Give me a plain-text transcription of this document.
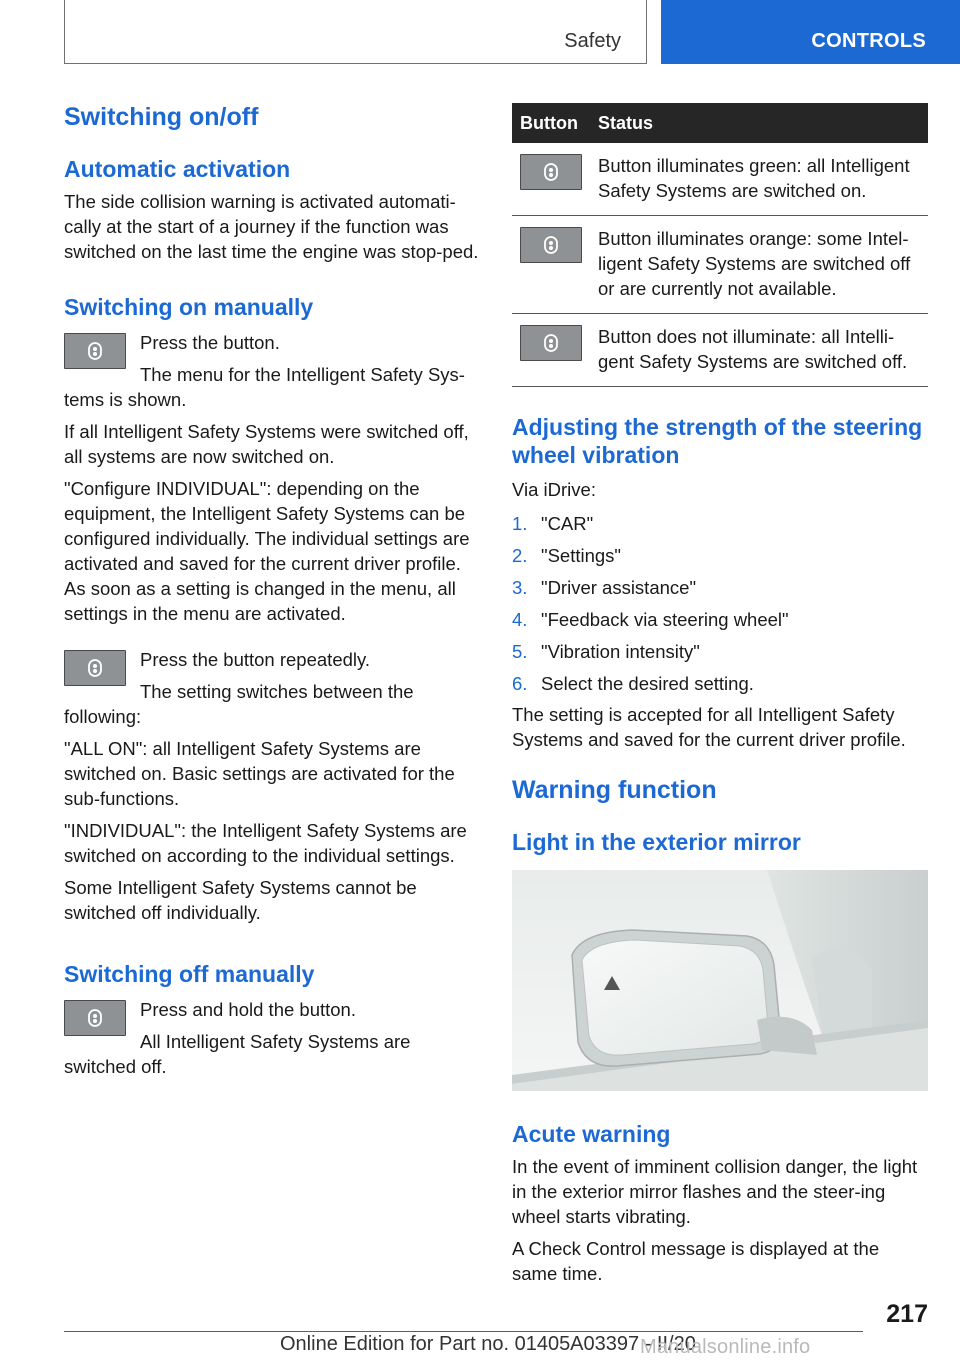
Safety	CONTROLS
Switching on/off
Automatic activation

The side collision warning is activated automati-cally at the start of a journey if the function was switched on the last time the engine was stop-ped.

Switching on manually

Press the button.

The menu for the Intelligent Safety Sys-tems is shown.

If all Intelligent Safety Systems were switched off, all systems are now switched on.

"Configure INDIVIDUAL": depending on the equipment, the Intelligent Safety Systems can be configured individually. The individual settings are activated and saved for the current driver profile. As soon as a setting is changed in the menu, all settings in the menu are activated.

Press the button repeatedly.

The setting switches between the following:

"ALL ON": all Intelligent Safety Systems are switched on. Basic settings are activated for the sub-functions.

"INDIVIDUAL": the Intelligent Safety Systems are switched on according to the individual settings.

Some Intelligent Safety Systems cannot be switched off individually.

Switching off manually

Press and hold the button.

All Intelligent Safety Systems are switched off.

Button	Status

	Button illuminates green: all Intelligent Safety Systems are switched on.

	Button illuminates orange: some Intel-ligent Safety Systems are switched off or are currently not available.

	Button does not illuminate: all Intelli-gent Safety Systems are switched off.
Adjusting the strength of the steering wheel vibration

Via iDrive:

1. "CAR"
2. "Settings"
3. "Driver assistance"
4. "Feedback via steering wheel"
5. "Vibration intensity"
6. Select the desired setting.

The setting is accepted for all Intelligent Safety Systems and saved for the current driver profile.

Warning function
Light in the exterior mirror
Acute warning

In the event of imminent collision danger, the light in the exterior mirror flashes and the steer-ing wheel starts vibrating.

A Check Control message is displayed at the same time.

217
Online Edition for Part no. 01405A03397 - II/20
Manualsonline.info
